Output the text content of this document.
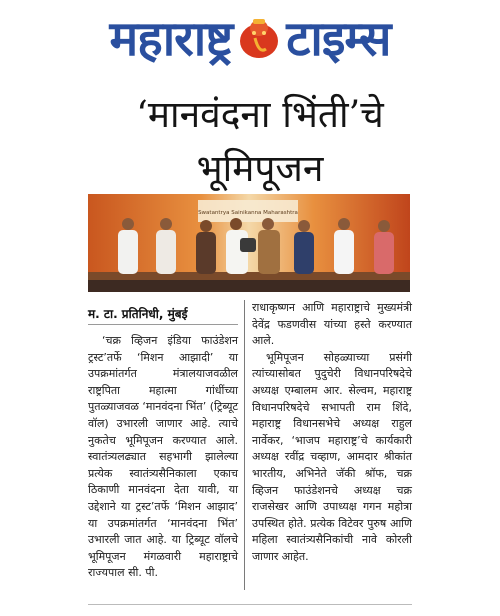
महाराष्ट्र टाइम्स
‘मानवंदना भिंती’चे
भूमिपूजन
Swatantrya Sainikanna Maharashtra
म. टा. प्रतिनिधी, मुंबई

‘चक्र व्हिजन इंडिया फाउंडेशन ट्रस्ट’तर्फे ‘मिशन आझादी’ या उपक्रमांतर्गत मंत्रालयाजवळील राष्ट्रपिता महात्मा गांधींच्या पुतळ्याजवळ ‘मानवंदना भिंत’ (ट्रिब्यूट वॉल) उभारली जाणार आहे. त्याचे नुकतेच भूमिपूजन करण्यात आले. स्वातंत्र्यलढ्यात सहभागी झालेल्या प्रत्येक स्वातंत्र्यसैनिकाला एकाच ठिकाणी मानवंदना देता यावी, या उद्देशाने या ट्रस्ट’तर्फे ‘मिशन आझाद’ या उपक्रमांतर्गत ‘मानवंदना भिंत’ उभारली जात आहे. या ट्रिब्यूट वॉलचे भूमिपूजन मंगळवारी महाराष्ट्राचे राज्यपाल सी. पी.

राधाकृष्णन आणि महाराष्ट्राचे मुख्यमंत्री देवेंद्र फडणवीस यांच्या हस्ते करण्यात आले.

भूमिपूजन सोहळ्याच्या प्रसंगी त्यांच्यासोबत पुदुचेरी विधानपरिषदेचे अध्यक्ष एम्बालम आर. सेल्वम, महाराष्ट्र विधानपरिषदेचे सभापती राम शिंदे, महाराष्ट्र विधानसभेचे अध्यक्ष राहुल नार्वेकर, ‘भाजप महाराष्ट्र’चे कार्यकारी अध्यक्ष रवींद्र चव्हाण, आमदार श्रीकांत भारतीय, अभिनेते जॅकी श्रॉफ, चक्र व्हिजन फाउंडेशनचे अध्यक्ष चक्र राजसेखर आणि उपाध्यक्ष गगन महोत्रा उपस्थित होते. प्रत्येक विटेवर पुरुष आणि महिला स्वातंत्र्यसैनिकांची नावे कोरली जाणार आहेत.
